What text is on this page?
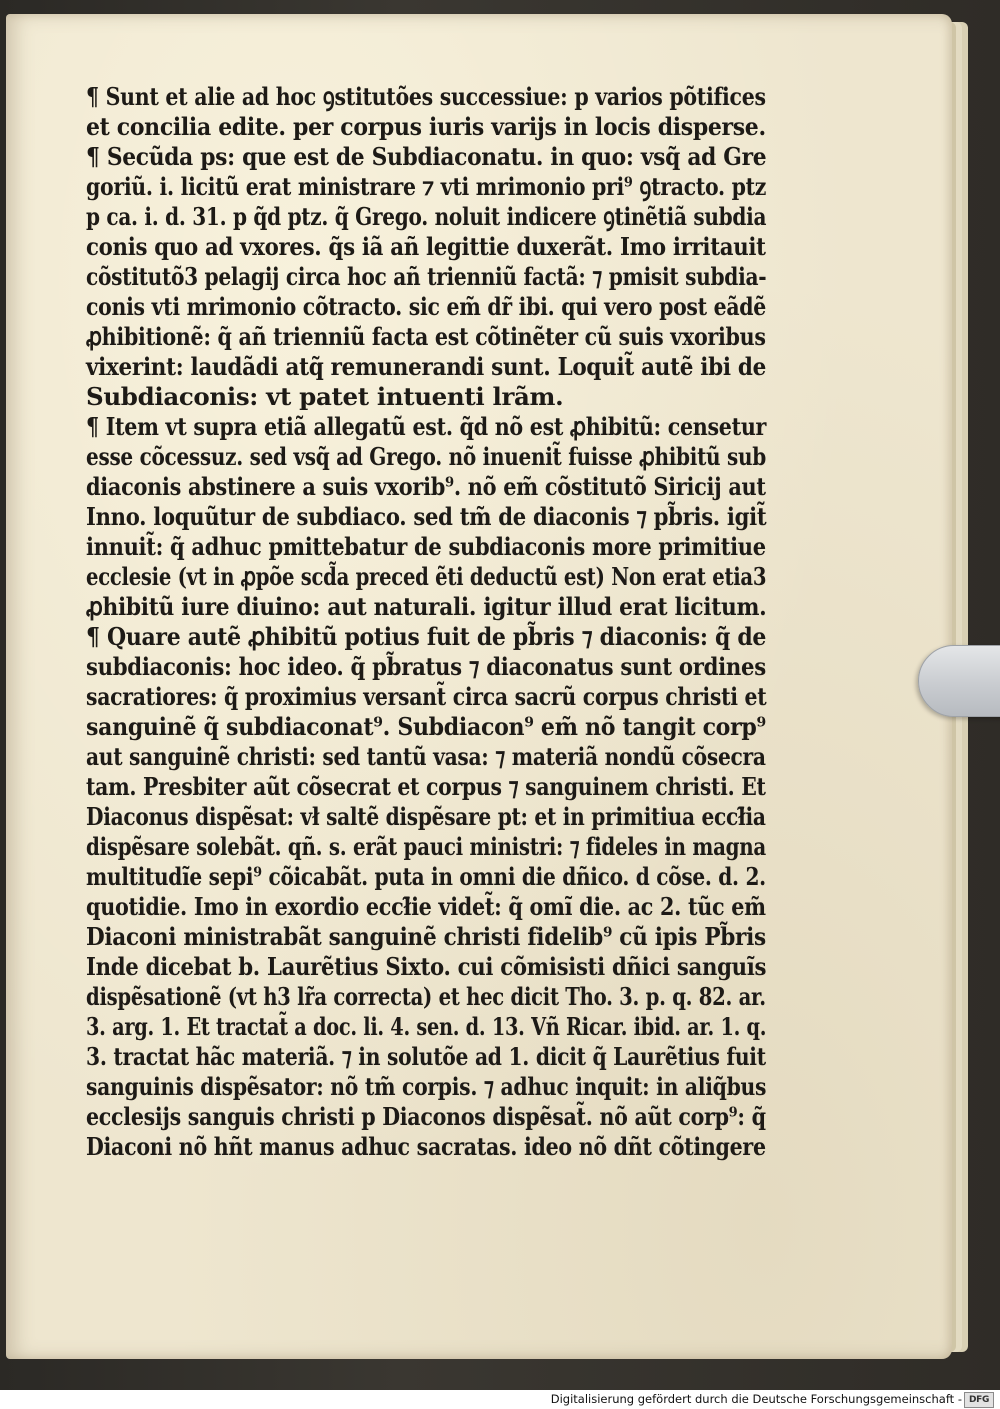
¶ Sunt et alie ad hoc ꝯstitutões successiue: p varios põtifices
et concilia edite. per corpus iuris varijs in locis disperse.
¶ Secũda ps: que est de Subdiaconatu. in quo: vsq̃ ad Gre
goriũ. i. licitũ erat ministrare ⁊ vti mrimonio pri⁹ ꝯtracto. ptz
p ca. i. d. 31. p q̃d ptz. q̃ Grego. noluit indicere ꝯtinẽtiã subdia
conis quo ad vxores. q̃s iã añ legittie duxerãt. Imo irritauit
cõstitutõ3 pelagij circa hoc añ trienniũ factã: ⁊ pmisit subdia-
conis vti mrimonio cõtracto. sic em̃ dr̃ ibi. qui vero post eãdẽ
ꝓhibitionẽ: q̃ añ trienniũ facta est cõtinẽter cũ suis vxoribus
vixerint: laudãdi atq̃ remunerandi sunt. Loquit̃ autẽ ibi de
Subdiaconis: vt patet intuenti lrãm.
¶ Item vt supra etiã allegatũ est. q̃d nõ est ꝓhibitũ: censetur
esse cõcessuz. sed vsq̃ ad Grego. nõ inuenit̃ fuisse ꝓhibitũ sub
diaconis abstinere a suis vxorib⁹. nõ em̃ cõstitutõ Siricij aut
Inno. loquũtur de subdiaco. sed tm̃ de diaconis ⁊ pb̃ris. igit̃
innuit̃: q̃ adhuc pmittebatur de subdiaconis more primitiue
ecclesie (vt in ꝓpõe scd̃a preced ẽti deductũ est) Non erat etia3
ꝓhibitũ iure diuino: aut naturali. igitur illud erat licitum.
¶ Quare autẽ ꝓhibitũ potius fuit de pb̃ris ⁊ diaconis: q̃ de
subdiaconis: hoc ideo. q̃ pb̃ratus ⁊ diaconatus sunt ordines
sacratiores: q̃ proximius versant̃ circa sacrũ corpus christi et
sanguinẽ q̃ subdiaconat⁹. Subdiacon⁹ em̃ nõ tangit corp⁹
aut sanguinẽ christi: sed tantũ vasa: ⁊ materiã nondũ cõsecra
tam. Presbiter aũt cõsecrat et corpus ⁊ sanguinem christi. Et
Diaconus dispẽsat: vł saltẽ dispẽsare pt: et in primitiua eccł̃ia
dispẽsare solebãt. qñ. s. erãt pauci ministri: ⁊ fideles in magna
multitudĩe sepi⁹ cõicabãt. puta in omni die dñico. d cõse. d. 2.
quotidie. Imo in exordio eccł̃ie videt̃: q̃ omĩ die. ac 2. tũc em̃
Diaconi ministrabãt sanguinẽ christi fidelib⁹ cũ ipis Pb̃ris
Inde dicebat b. Laurẽtius Sixto. cui cõmisisti dñici sanguĩs
dispẽsationẽ (vt h3 lr̃a correcta) et hec dicit Tho. 3. p. q. 82. ar.
3. arg. 1. Et tractat̃ a doc. li. 4. sen. d. 13. Vñ Ricar. ibid. ar. 1. q.
3. tractat hãc materiã. ⁊ in solutõe ad 1. dicit q̃ Laurẽtius fuit
sanguinis dispẽsator: nõ tm̃ corpis. ⁊ adhuc inquit: in aliq̃bus
ecclesijs sanguis christi p Diaconos dispẽsat̃. nõ aũt corp⁹: q̃
Diaconi nõ hñt manus adhuc sacratas. ideo nõ dñt cõtingere
Digitalisierung gefördert durch die Deutsche Forschungsgemeinschaft - DFG
